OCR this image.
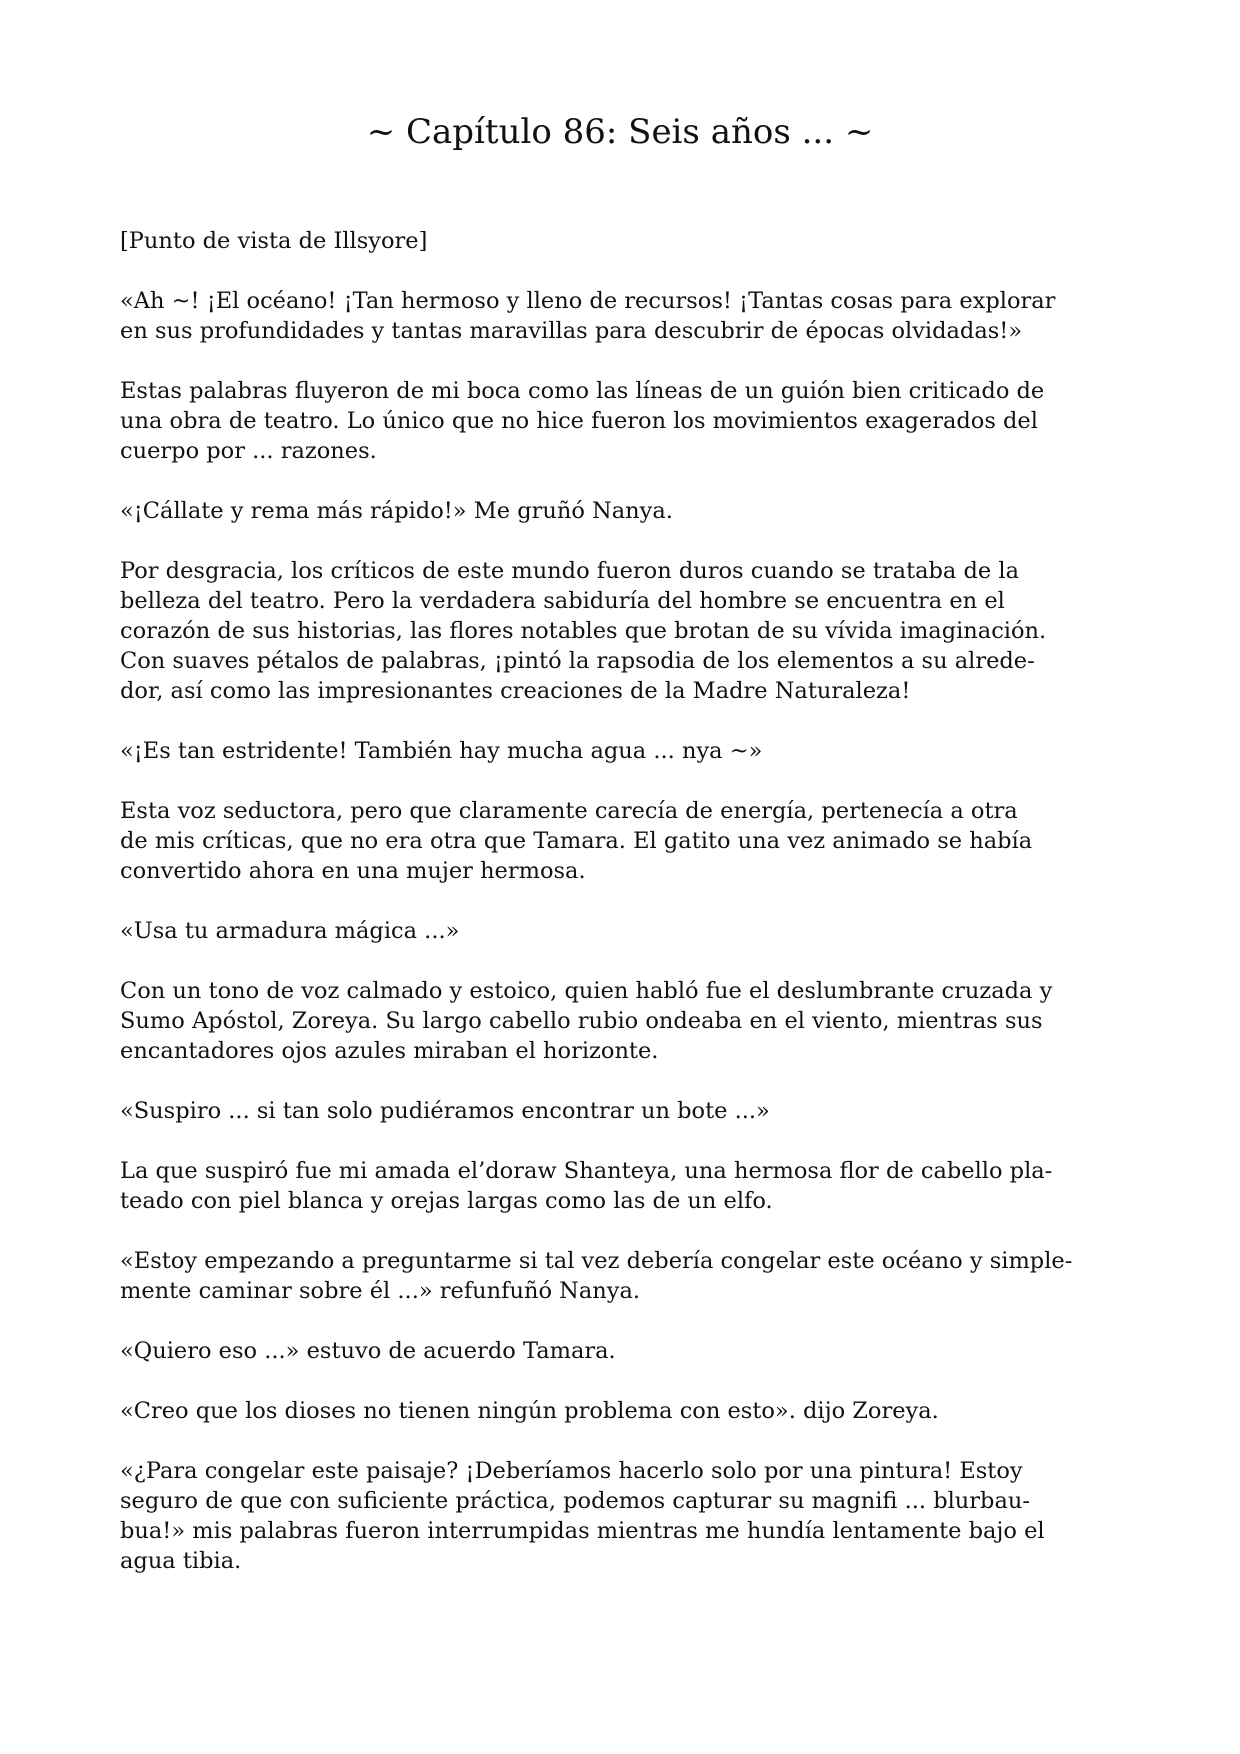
~ Capítulo 86: Seis años ... ~

[Punto de vista de Illsyore]

«Ah ~! ¡El océano! ¡Tan hermoso y lleno de recursos! ¡Tantas cosas para explorar
en sus profundidades y tantas maravillas para descubrir de épocas olvidadas!»

Estas palabras fluyeron de mi boca como las líneas de un guión bien criticado de
una obra de teatro. Lo único que no hice fueron los movimientos exagerados del
cuerpo por ... razones.

«¡Cállate y rema más rápido!» Me gruñó Nanya.

Por desgracia, los críticos de este mundo fueron duros cuando se trataba de la
belleza del teatro. Pero la verdadera sabiduría del hombre se encuentra en el
corazón de sus historias, las flores notables que brotan de su vívida imaginación.
Con suaves pétalos de palabras, ¡pintó la rapsodia de los elementos a su alrede-
dor, así como las impresionantes creaciones de la Madre Naturaleza!

«¡Es tan estridente! También hay mucha agua ... nya ~»

Esta voz seductora, pero que claramente carecía de energía, pertenecía a otra
de mis críticas, que no era otra que Tamara. El gatito una vez animado se había
convertido ahora en una mujer hermosa.

«Usa tu armadura mágica ...»

Con un tono de voz calmado y estoico, quien habló fue el deslumbrante cruzada y
Sumo Apóstol, Zoreya. Su largo cabello rubio ondeaba en el viento, mientras sus
encantadores ojos azules miraban el horizonte.

«Suspiro ... si tan solo pudiéramos encontrar un bote ...»

La que suspiró fue mi amada el’doraw Shanteya, una hermosa flor de cabello pla-
teado con piel blanca y orejas largas como las de un elfo.

«Estoy empezando a preguntarme si tal vez debería congelar este océano y simple-
mente caminar sobre él ...» refunfuñó Nanya.

«Quiero eso ...» estuvo de acuerdo Tamara.

«Creo que los dioses no tienen ningún problema con esto». dijo Zoreya.

«¿Para congelar este paisaje? ¡Deberíamos hacerlo solo por una pintura! Estoy
seguro de que con suficiente práctica, podemos capturar su magnifi ... blurbau-
bua!» mis palabras fueron interrumpidas mientras me hundía lentamente bajo el
agua tibia.
